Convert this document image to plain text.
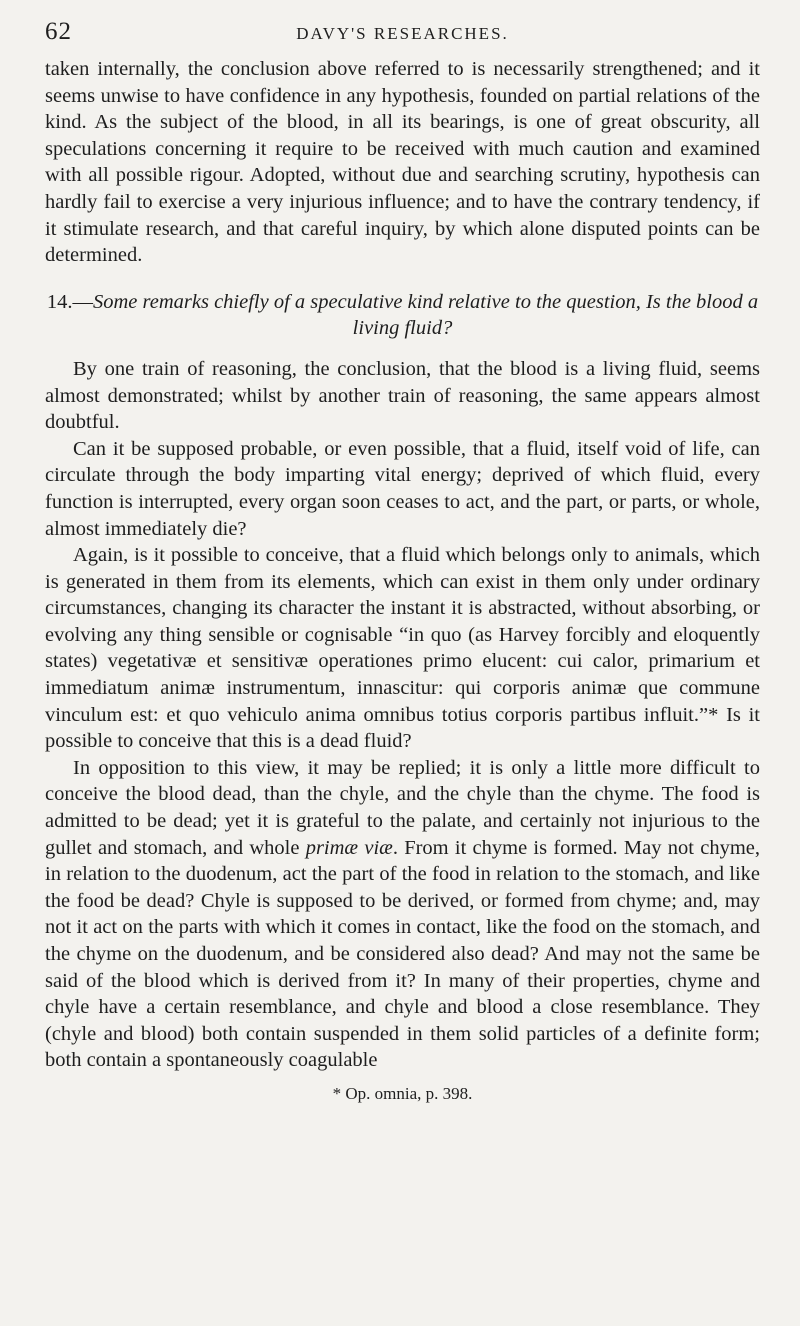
62	DAVY'S RESEARCHES.

taken internally, the conclusion above referred to is necessarily strengthened; and it seems unwise to have confidence in any hypothesis, founded on partial relations of the kind. As the subject of the blood, in all its bearings, is one of great obscurity, all speculations concerning it require to be received with much caution and examined with all possible rigour. Adopted, without due and searching scrutiny, hypothesis can hardly fail to exercise a very injurious influence; and to have the contrary tendency, if it stimulate research, and that careful inquiry, by which alone disputed points can be determined.

14.—Some remarks chiefly of a speculative kind relative to the question, Is the blood a living fluid?

By one train of reasoning, the conclusion, that the blood is a living fluid, seems almost demonstrated; whilst by another train of reasoning, the same appears almost doubtful.

Can it be supposed probable, or even possible, that a fluid, itself void of life, can circulate through the body imparting vital energy; deprived of which fluid, every function is interrupted, every organ soon ceases to act, and the part, or parts, or whole, almost immediately die?

Again, is it possible to conceive, that a fluid which belongs only to animals, which is generated in them from its elements, which can exist in them only under ordinary circumstances, changing its character the instant it is abstracted, without absorbing, or evolving any thing sensible or cognisable “in quo (as Harvey forcibly and eloquently states) vegetativæ et sensitivæ operationes primo elucent: cui calor, primarium et immediatum animæ instrumentum, innascitur: qui corporis animæ que commune vinculum est: et quo vehiculo anima omnibus totius corporis partibus influit.”* Is it possible to conceive that this is a dead fluid?

In opposition to this view, it may be replied; it is only a little more difficult to conceive the blood dead, than the chyle, and the chyle than the chyme. The food is admitted to be dead; yet it is grateful to the palate, and certainly not injurious to the gullet and stomach, and whole primæ viæ. From it chyme is formed. May not chyme, in relation to the duodenum, act the part of the food in relation to the stomach, and like the food be dead? Chyle is supposed to be derived, or formed from chyme; and, may not it act on the parts with which it comes in contact, like the food on the stomach, and the chyme on the duodenum, and be considered also dead? And may not the same be said of the blood which is derived from it? In many of their properties, chyme and chyle have a certain resemblance, and chyle and blood a close resemblance. They (chyle and blood) both contain suspended in them solid particles of a definite form; both contain a spontaneously coagulable

* Op. omnia, p. 398.
